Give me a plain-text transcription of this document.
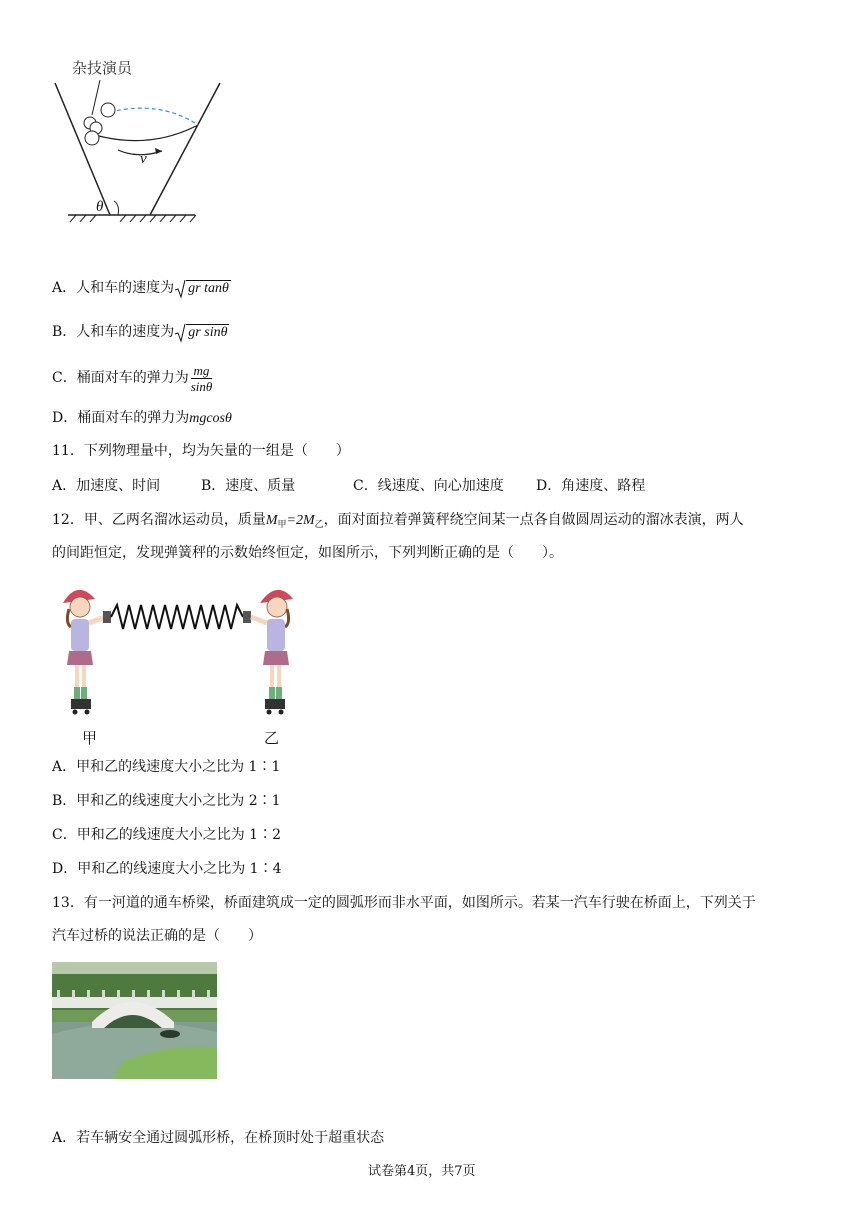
杂技演员
v
θ
A．人和车的速度为 gr tanθ
B．人和车的速度为 gr sinθ
C．桶面对车的弹力为 $\frac{mg}{\sin\theta}$
D．桶面对车的弹力为mgcosθ
11．下列物理量中，均为矢量的一组是（　　）
A．加速度、时间	B．速度、质量	C．线速度、向心加速度 D．角速度、路程
12．甲、乙两名溜冰运动员，质量$M_甲=2M_乙$，面对面拉着弹簧秤绕空间某一点各自做圆周运动的溜冰表演，两人
的间距恒定，发现弹簧秤的示数始终恒定，如图所示，下列判断正确的是（　　）。
甲	乙
A．甲和乙的线速度大小之比为 1∶1
B．甲和乙的线速度大小之比为 2∶1
C．甲和乙的线速度大小之比为 1∶2
D．甲和乙的线速度大小之比为 1∶4
13．有一河道的通车桥梁，桥面建筑成一定的圆弧形而非水平面，如图所示。若某一汽车行驶在桥面上，下列关于
汽车过桥的说法正确的是（　　）
A．若车辆安全通过圆弧形桥，在桥顶时处于超重状态
试卷第4页，共7页
